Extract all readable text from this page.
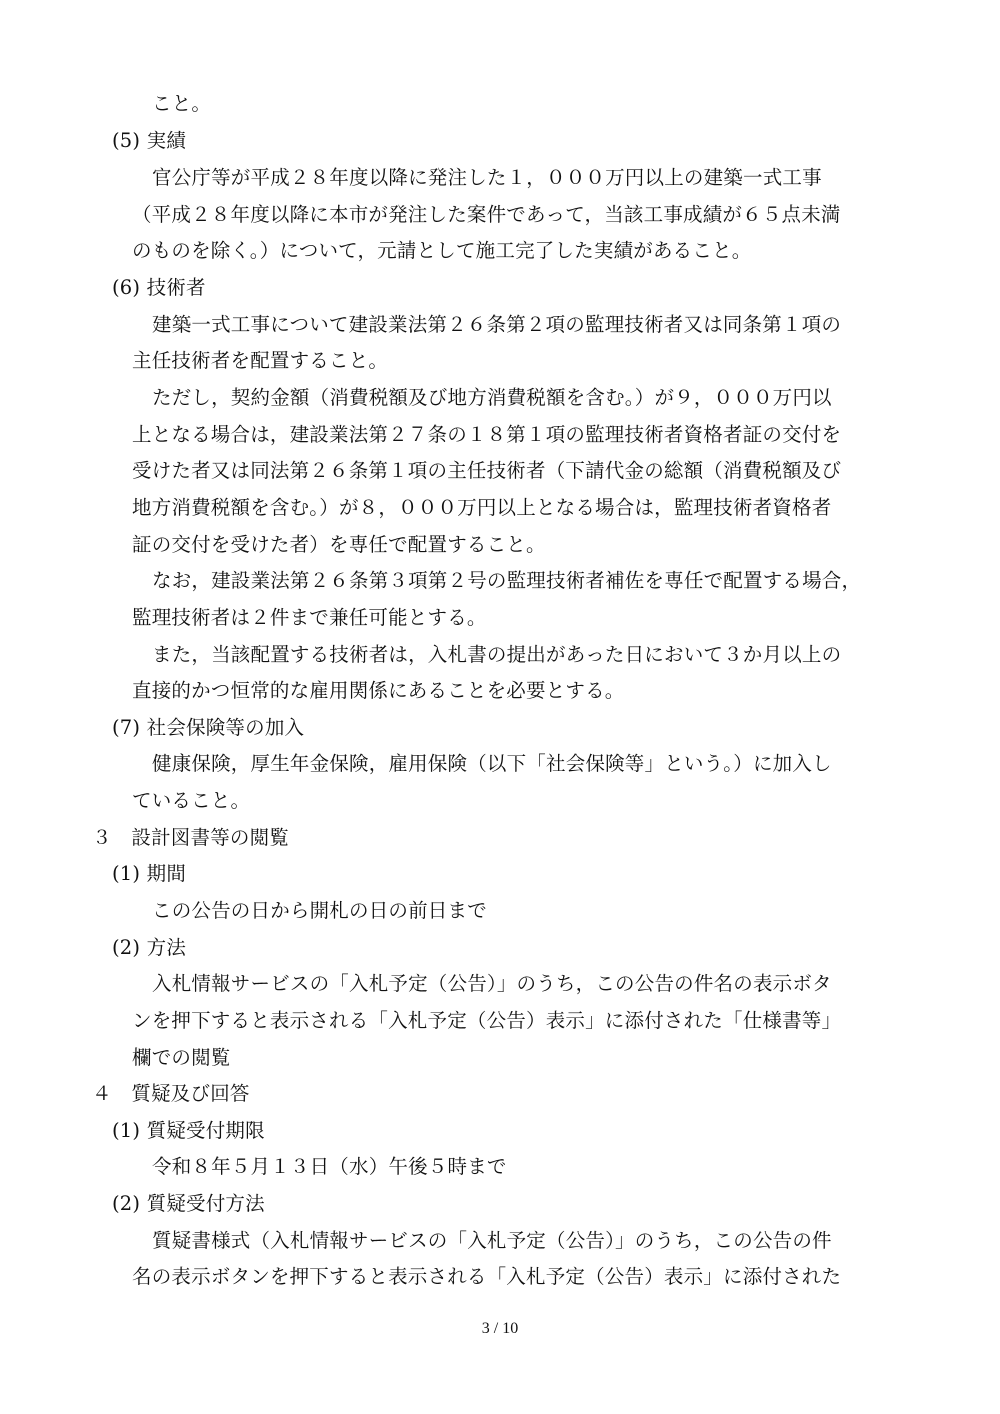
こと。

(5) 実績

官公庁等が平成２８年度以降に発注した１，０００万円以上の建築一式工事

（平成２８年度以降に本市が発注した案件であって，当該工事成績が６５点未満

のものを除く。）について，元請として施工完了した実績があること。

(6) 技術者

建築一式工事について建設業法第２６条第２項の監理技術者又は同条第１項の

主任技術者を配置すること。

ただし，契約金額（消費税額及び地方消費税額を含む。）が９，０００万円以

上となる場合は，建設業法第２７条の１８第１項の監理技術者資格者証の交付を

受けた者又は同法第２６条第１項の主任技術者（下請代金の総額（消費税額及び

地方消費税額を含む。）が８，０００万円以上となる場合は，監理技術者資格者

証の交付を受けた者）を専任で配置すること。

なお，建設業法第２６条第３項第２号の監理技術者補佐を専任で配置する場合，

監理技術者は２件まで兼任可能とする。

また，当該配置する技術者は，入札書の提出があった日において３か月以上の

直接的かつ恒常的な雇用関係にあることを必要とする。

(7) 社会保険等の加入

健康保険，厚生年金保険，雇用保険（以下「社会保険等」という。）に加入し

ていること。

３　設計図書等の閲覧

(1) 期間

この公告の日から開札の日の前日まで

(2) 方法

入札情報サービスの「入札予定（公告）」のうち，この公告の件名の表示ボタ

ンを押下すると表示される「入札予定（公告）表示」に添付された「仕様書等」

欄での閲覧

４　質疑及び回答

(1) 質疑受付期限

令和８年５月１３日（水）午後５時まで

(2) 質疑受付方法

質疑書様式（入札情報サービスの「入札予定（公告）」のうち，この公告の件

名の表示ボタンを押下すると表示される「入札予定（公告）表示」に添付された

3 / 10
